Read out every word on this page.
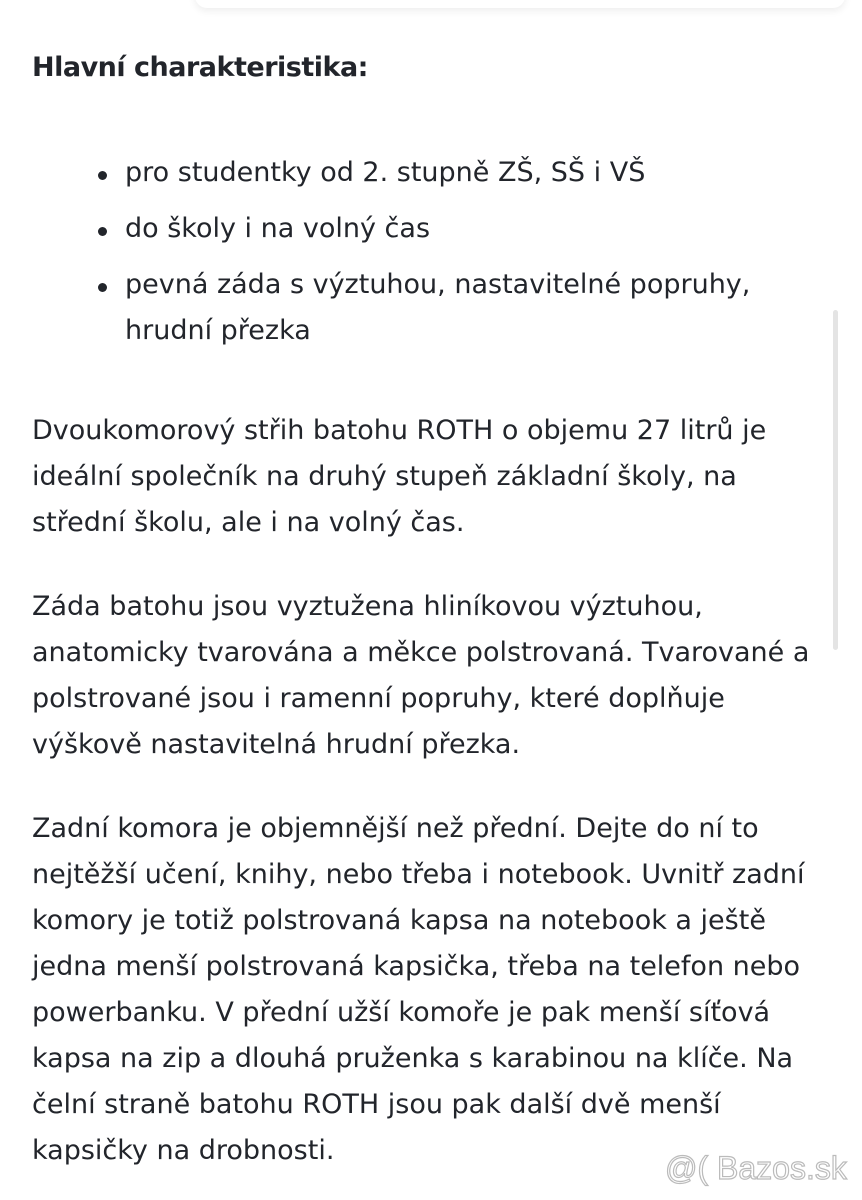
Hlavní charakteristika:
pro studentky od 2. stupně ZŠ, SŠ i VŠ
do školy i na volný čas
pevná záda s výztuhou, nastavitelné popruhy, hrudní přezka

Dvoukomorový střih batohu ROTH o objemu 27 litrů je ideální společník na druhý stupeň základní školy, na střední školu, ale i na volný čas.

Záda batohu jsou vyztužena hliníkovou výztuhou, anatomicky tvarována a měkce polstrovaná. Tvarované a polstrované jsou i ramenní popruhy, které doplňuje výškově nastavitelná hrudní přezka.

Zadní komora je objemnější než přední. Dejte do ní to nejtěžší učení, knihy, nebo třeba i notebook. Uvnitř zadní komory je totiž polstrovaná kapsa na notebook a ještě jedna menší polstrovaná kapsička, třeba na telefon nebo powerbanku. V přední užší komoře je pak menší síťová kapsa na zip a dlouhá pruženka s karabinou na klíče. Na čelní straně batohu ROTH jsou pak další dvě menší kapsičky na drobnosti.	@( Bazos.sk
